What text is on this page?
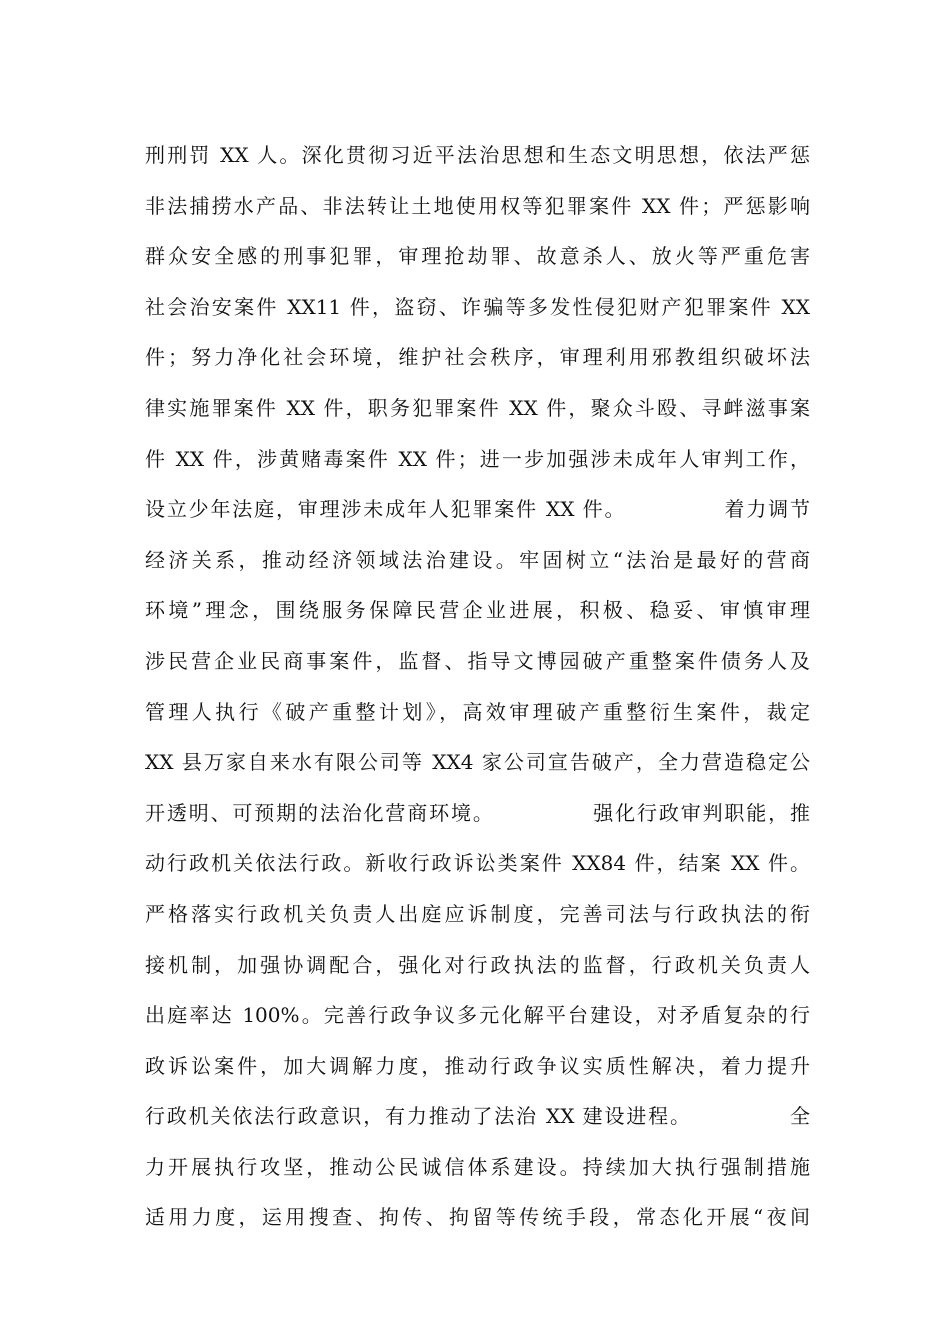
刑刑罚 XX 人。深化贯彻习近平法治思想和生态文明思想，依法严惩
非法捕捞水产品、非法转让土地使用权等犯罪案件 XX 件；严惩影响
群众安全感的刑事犯罪，审理抢劫罪、故意杀人、放火等严重危害
社会治安案件 XX11 件，盗窃、诈骗等多发性侵犯财产犯罪案件 XX
件；努力净化社会环境，维护社会秩序，审理利用邪教组织破坏法
律实施罪案件 XX 件，职务犯罪案件 XX 件，聚众斗殴、寻衅滋事案
件 XX 件，涉黄赌毒案件 XX 件；进一步加强涉未成年人审判工作，
设立少年法庭，审理涉未成年人犯罪案件 XX 件。            着力调节
经济关系，推动经济领域法治建设。牢固树立“法治是最好的营商
环境”理念，围绕服务保障民营企业进展，积极、稳妥、审慎审理
涉民营企业民商事案件，监督、指导文博园破产重整案件债务人及
管理人执行《破产重整计划》，高效审理破产重整衍生案件，裁定
XX 县万家自来水有限公司等 XX4 家公司宣告破产，全力营造稳定公
开透明、可预期的法治化营商环境。            强化行政审判职能，推
动行政机关依法行政。新收行政诉讼类案件 XX84 件，结案 XX 件。
严格落实行政机关负责人出庭应诉制度，完善司法与行政执法的衔
接机制，加强协调配合，强化对行政执法的监督，行政机关负责人
出庭率达 100%。完善行政争议多元化解平台建设，对矛盾复杂的行
政诉讼案件，加大调解力度，推动行政争议实质性解决，着力提升
行政机关依法行政意识，有力推动了法治 XX 建设进程。            全
力开展执行攻坚，推动公民诚信体系建设。持续加大执行强制措施
适用力度，运用搜查、拘传、拘留等传统手段，常态化开展“夜间
